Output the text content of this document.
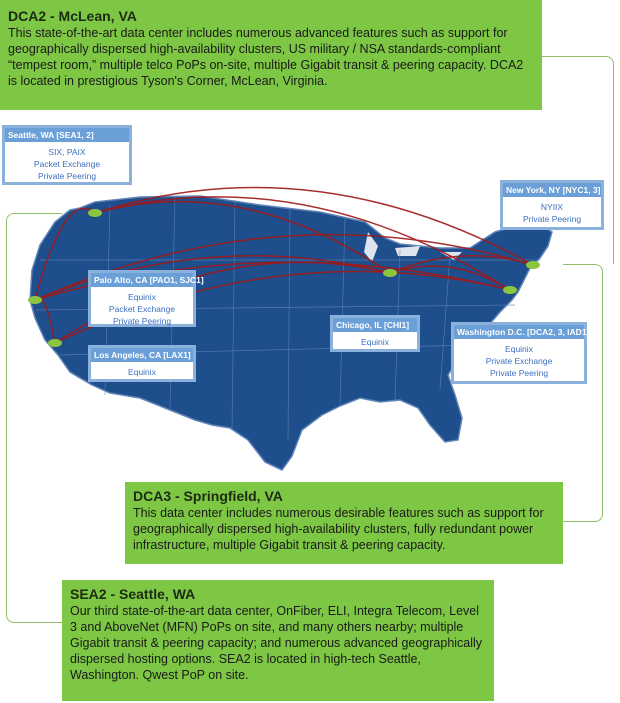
Seattle, WA [SEA1, 2]
SIX, PAIX
Packet Exchange
Private Peering
New York, NY [NYC1, 3]
NYIIX
Private Peering
Palo Alto, CA [PAO1, SJC1]
Equinix
Packet Exchange
Private Peering
Los Angeles, CA [LAX1]
Equinix
Chicago, IL [CHI1]
Equinix
Washington D.C. [DCA2, 3, IAD1]
Equinix
Private Exchange
Private Peering
DCA2 - McLean, VA
This state-of-the-art data center includes numerous advanced features such as support for geographically dispersed high-availability clusters, US military / NSA standards-compliant “tempest room,” multiple telco PoPs on-site, multiple Gigabit transit & peering capacity. DCA2 is located in prestigious Tyson's Corner, McLean, Virginia.
DCA3 - Springfield, VA
This data center includes numerous desirable features such as support for geographically dispersed high-availability clusters, fully redundant power infrastructure, multiple Gigabit transit & peering capacity.
SEA2 - Seattle, WA
Our third state-of-the-art data center, OnFiber, ELI, Integra Telecom, Level 3 and AboveNet (MFN) PoPs on site, and many others nearby; multiple Gigabit transit & peering capacity; and numerous advanced geographically dispersed hosting options. SEA2 is located in high-tech Seattle, Washington. Qwest PoP on site.
